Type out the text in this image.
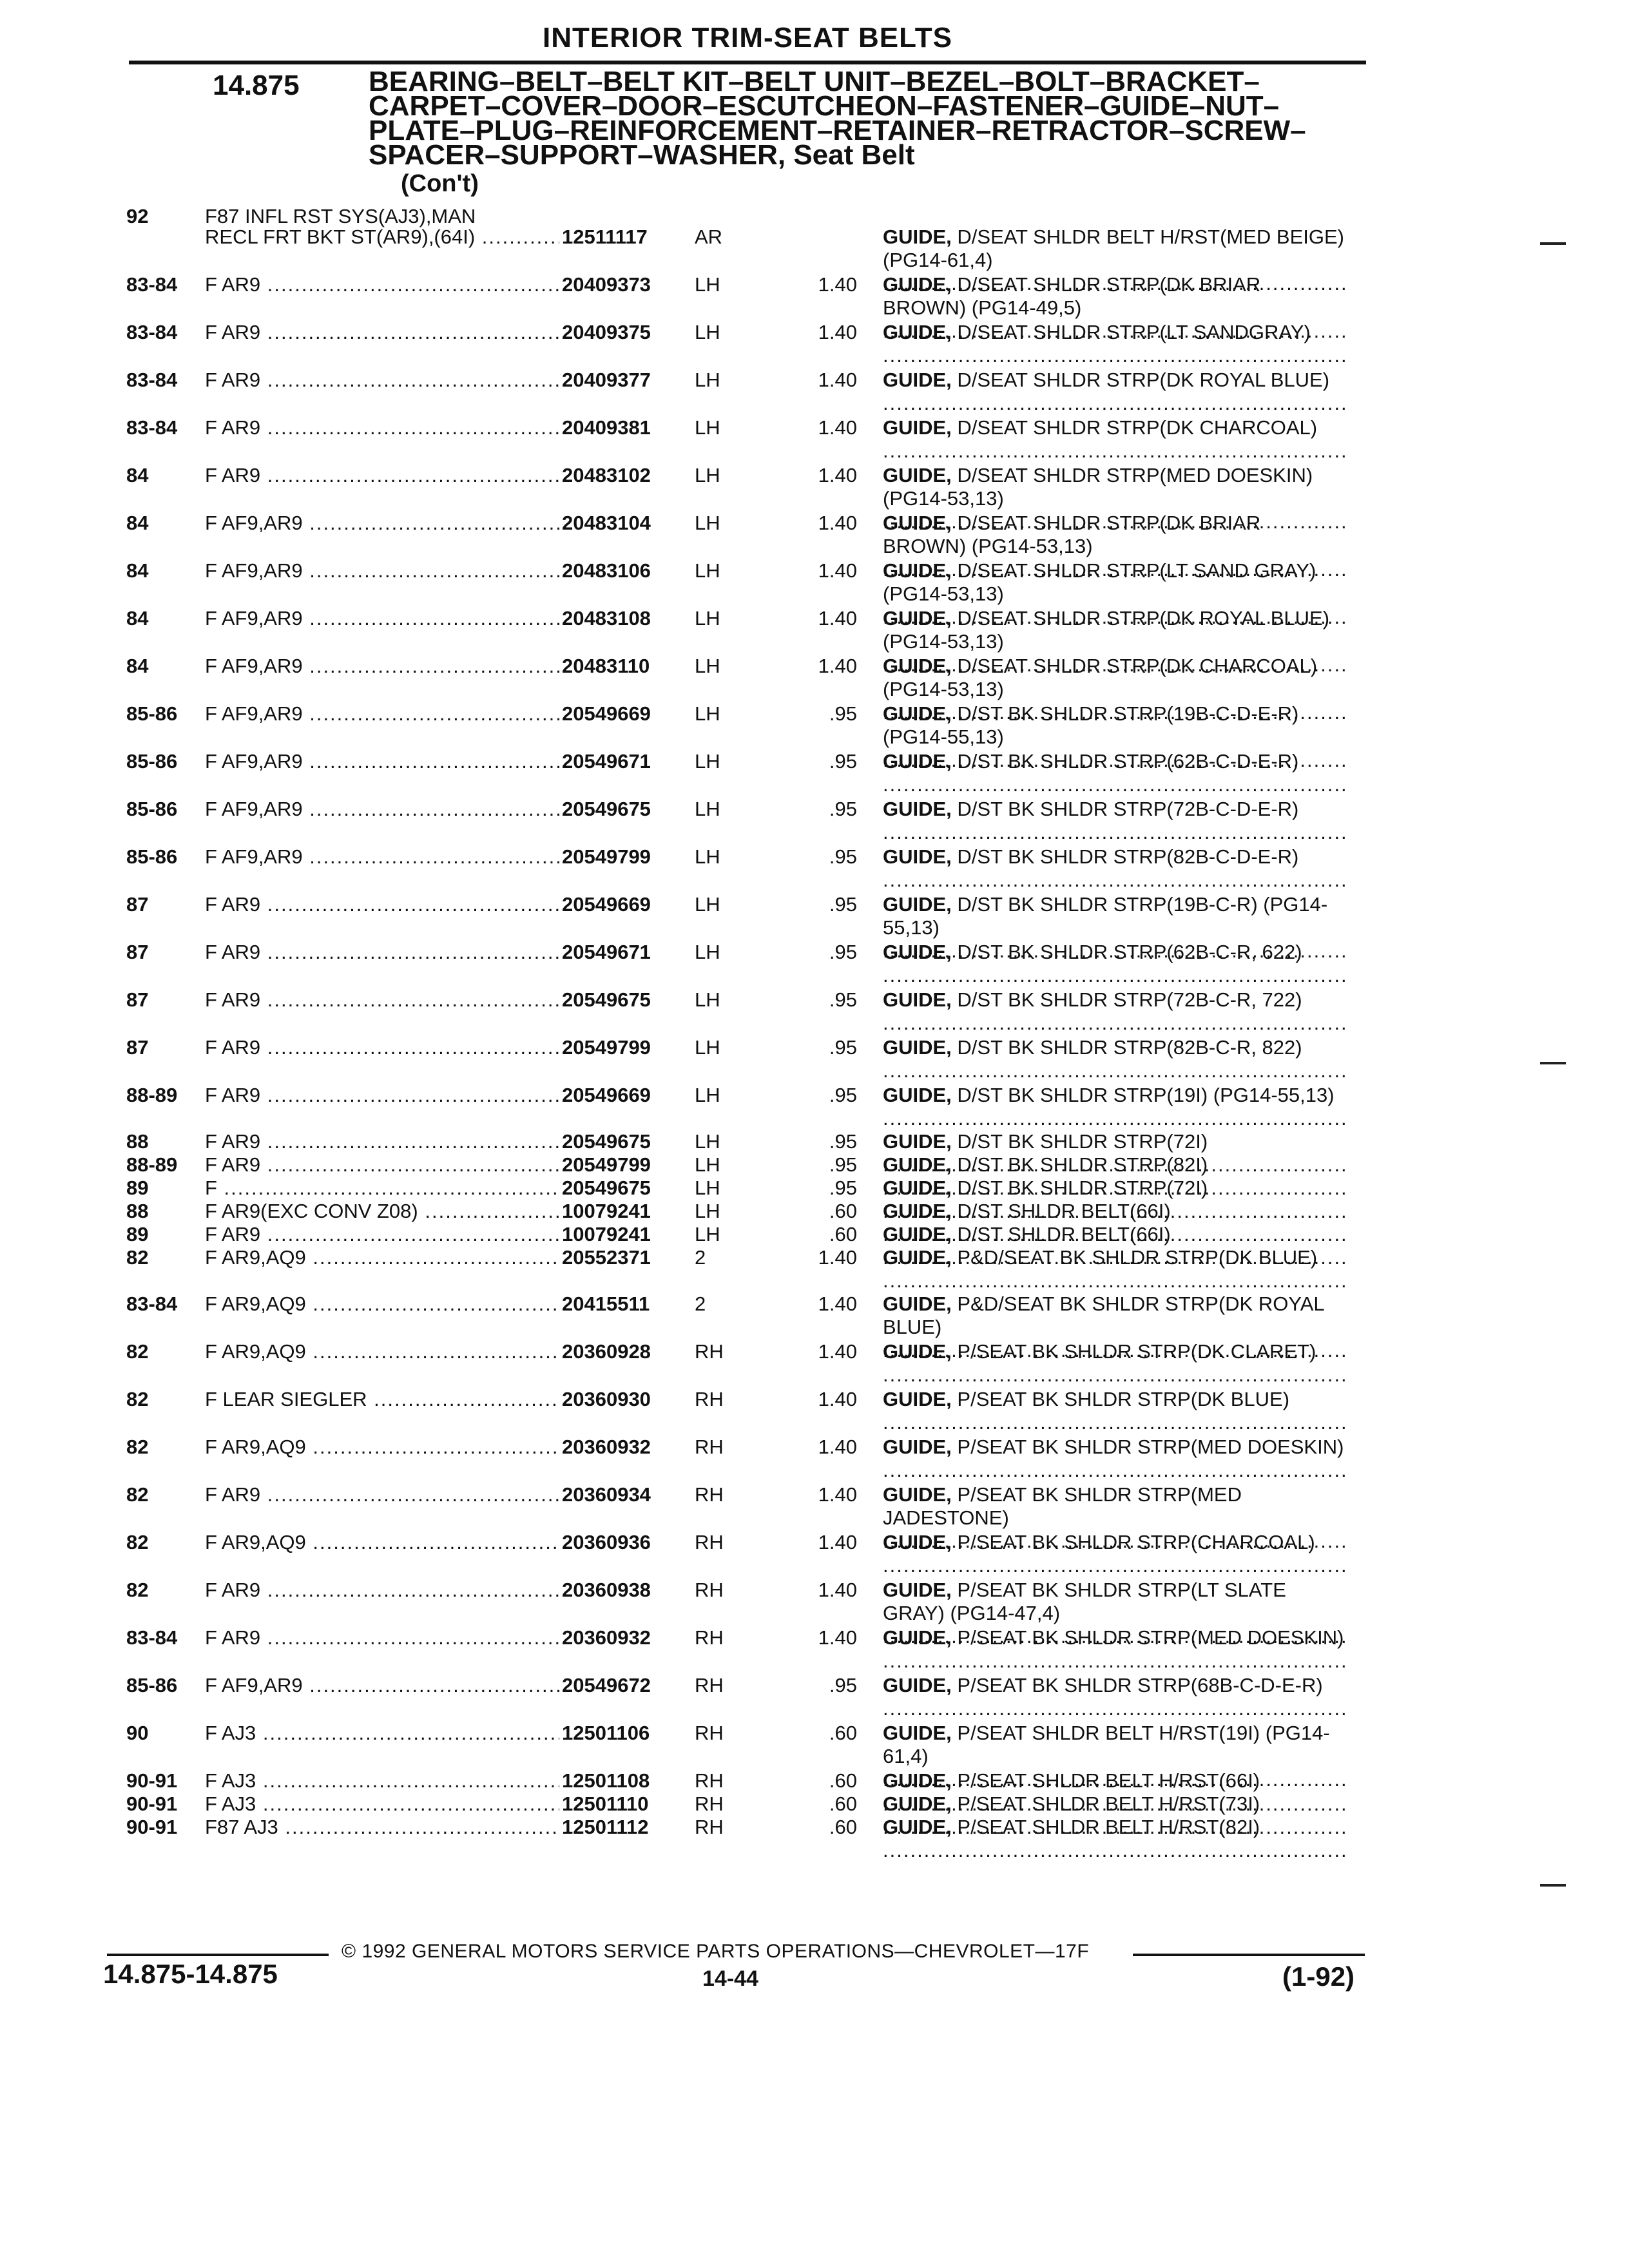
INTERIOR TRIM-SEAT BELTS
14.875 BEARING–BELT–BELT KIT–BELT UNIT–BEZEL–BOLT–BRACKET–CARPET–COVER–DOOR–ESCUTCHEON–FASTENER–GUIDE–NUT–PLATE–PLUG–REINFORCEMENT–RETAINER–RETRACTOR–SCREW–SPACER–SUPPORT–WASHER, Seat Belt
(Con't)
92	F87 INFL RST SYS(AJ3),MAN
RECL FRT BKT ST(AR9),(64I) .....	12511117 AR	GUIDE, D/SEAT SHLDR BELT H/RST(MED BEIGE) (PG14-61,4) .....
83-84 F AR9 .....	20409373 LH	1.40 GUIDE, D/SEAT SHLDR STRP(DK BRIAR BROWN) (PG14-49,5) .....
83-84 F AR9 .....	20409375 LH	1.40 GUIDE, D/SEAT SHLDR STRP(LT SANDGRAY) .....
83-84 F AR9 .....	20409377 LH	1.40 GUIDE, D/SEAT SHLDR STRP(DK ROYAL BLUE) .....
83-84 F AR9 .....	20409381 LH	1.40 GUIDE, D/SEAT SHLDR STRP(DK CHARCOAL) .....
84	F AR9 .....	20483102 LH	1.40 GUIDE, D/SEAT SHLDR STRP(MED DOESKIN) (PG14-53,13) .....
84	F AF9,AR9 .....	20483104 LH	1.40 GUIDE, D/SEAT SHLDR STRP(DK BRIAR BROWN) (PG14-53,13) .....
84	F AF9,AR9 .....	20483106 LH	1.40 GUIDE, D/SEAT SHLDR STRP(LT SAND GRAY) (PG14-53,13) .....
84	F AF9,AR9 .....	20483108 LH	1.40 GUIDE, D/SEAT SHLDR STRP(DK ROYAL BLUE) (PG14-53,13) .....
84	F AF9,AR9 .....	20483110 LH	1.40 GUIDE, D/SEAT SHLDR STRP(DK CHARCOAL) (PG14-53,13) .....
85-86 F AF9,AR9 .....	20549669 LH	.95 GUIDE, D/ST BK SHLDR STRP(19B-C-D-E-R) (PG14-55,13) .....
85-86 F AF9,AR9 .....	20549671 LH	.95 GUIDE, D/ST BK SHLDR STRP(62B-C-D-E-R) .....
85-86 F AF9,AR9 .....	20549675 LH	.95 GUIDE, D/ST BK SHLDR STRP(72B-C-D-E-R) .....
85-86 F AF9,AR9 .....	20549799 LH	.95 GUIDE, D/ST BK SHLDR STRP(82B-C-D-E-R) .....
87	F AR9 .....	20549669 LH	.95 GUIDE, D/ST BK SHLDR STRP(19B-C-R) (PG14-55,13) .....
87	F AR9 .....	20549671 LH	.95 GUIDE, D/ST BK SHLDR STRP(62B-C-R, 622) .....
87	F AR9 .....	20549675 LH	.95 GUIDE, D/ST BK SHLDR STRP(72B-C-R, 722) .....
87	F AR9 .....	20549799 LH	.95 GUIDE, D/ST BK SHLDR STRP(82B-C-R, 822) .....
88-89 F AR9 .....	20549669 LH	.95 GUIDE, D/ST BK SHLDR STRP(19I) (PG14-55,13) .....
88	F AR9 .....	20549675 LH	.95 GUIDE, D/ST BK SHLDR STRP(72I) .....
88-89 F AR9 .....	20549799 LH	.95 GUIDE, D/ST BK SHLDR STRP(82I) .....
89	F .....	20549675 LH	.95 GUIDE, D/ST BK SHLDR STRP(72I) .....
88	F AR9(EXC CONV Z08) .....	10079241 LH	.60 GUIDE, D/ST SHLDR BELT(66I) .....
89	F AR9 .....	10079241 LH	.60 GUIDE, D/ST SHLDR BELT(66I) .....
82	F AR9,AQ9 .....	20552371 2	1.40 GUIDE, P&D/SEAT BK SHLDR STRP(DK BLUE) .....
83-84 F AR9,AQ9 .....	20415511 2	1.40 GUIDE, P&D/SEAT BK SHLDR STRP(DK ROYAL BLUE) .....
82	F AR9,AQ9 .....	20360928 RH	1.40 GUIDE, P/SEAT BK SHLDR STRP(DK CLARET) .....
82	F LEAR SIEGLER .....	20360930 RH	1.40 GUIDE, P/SEAT BK SHLDR STRP(DK BLUE) .....
82	F AR9,AQ9 .....	20360932 RH	1.40 GUIDE, P/SEAT BK SHLDR STRP(MED DOESKIN) .....
82	F AR9 .....	20360934 RH	1.40 GUIDE, P/SEAT BK SHLDR STRP(MED JADESTONE) .....
82	F AR9,AQ9 .....	20360936 RH	1.40 GUIDE, P/SEAT BK SHLDR STRP(CHARCOAL) .....
82	F AR9 .....	20360938 RH	1.40 GUIDE, P/SEAT BK SHLDR STRP(LT SLATE GRAY) (PG14-47,4) .....
83-84 F AR9 .....	20360932 RH	1.40 GUIDE, P/SEAT BK SHLDR STRP(MED DOESKIN) .....
85-86 F AF9,AR9 .....	20549672 RH	.95 GUIDE, P/SEAT BK SHLDR STRP(68B-C-D-E-R) .....
90	F AJ3 .....	12501106 RH	.60 GUIDE, P/SEAT SHLDR BELT H/RST(19I) (PG14-61,4) .....
90-91 F AJ3 .....	12501108 RH	.60 GUIDE, P/SEAT SHLDR BELT H/RST(66I) .....
90-91 F AJ3 .....	12501110 RH	.60 GUIDE, P/SEAT SHLDR BELT H/RST(73I) .....
90-91 F87 AJ3 .....	12501112 RH	.60 GUIDE, P/SEAT SHLDR BELT H/RST(82I) .....
© 1992 GENERAL MOTORS SERVICE PARTS OPERATIONS—CHEVROLET—17F
14.875-14.875	14-44	(1-92)
